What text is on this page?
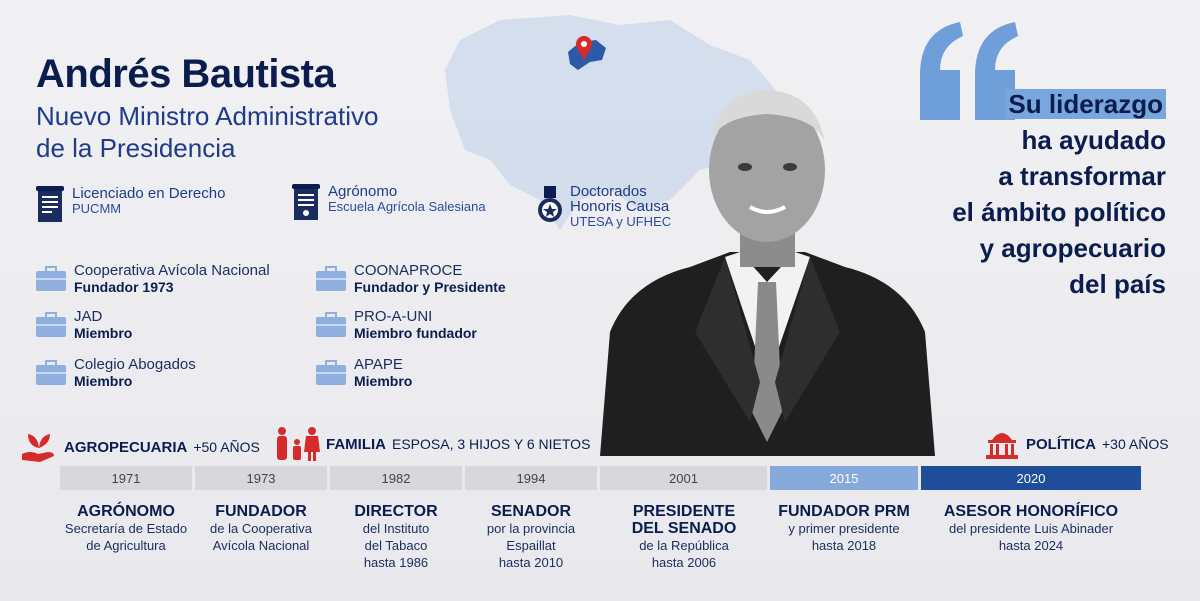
Andrés Bautista
Nuevo Ministro Administrativo
de la Presidencia
Licenciado en Derecho
PUCMM
Agrónomo
Escuela Agrícola Salesiana
Doctorados
Honoris Causa
UTESA y UFHEC
Cooperativa Avícola Nacional
Fundador 1973
COONAPROCE
Fundador y Presidente
JAD
Miembro
PRO-A-UNI
Miembro fundador
Colegio Abogados
Miembro
APAPE
Miembro
Su liderazgo
ha ayudado
a transformar
el ámbito político
y agropecuario
del país
AGROPECUARIA +50 AÑOS	FAMILIA ESPOSA, 3 HIJOS Y 6 NIETOS	POLÍTICA +30 AÑOS
1971	1973	1982	1994	2001	2015	2020
AGRÓNOMO
Secretaría de Estado
de Agricultura
FUNDADOR
de la Cooperativa
Avícola Nacional
DIRECTOR
del Instituto
del Tabaco
hasta 1986
SENADOR
por la provincia
Espaillat
hasta 2010
PRESIDENTE
DEL SENADO
de la República
hasta 2006
FUNDADOR PRM
y primer presidente
hasta 2018
ASESOR HONORÍFICO
del presidente Luis Abinader
hasta 2024
